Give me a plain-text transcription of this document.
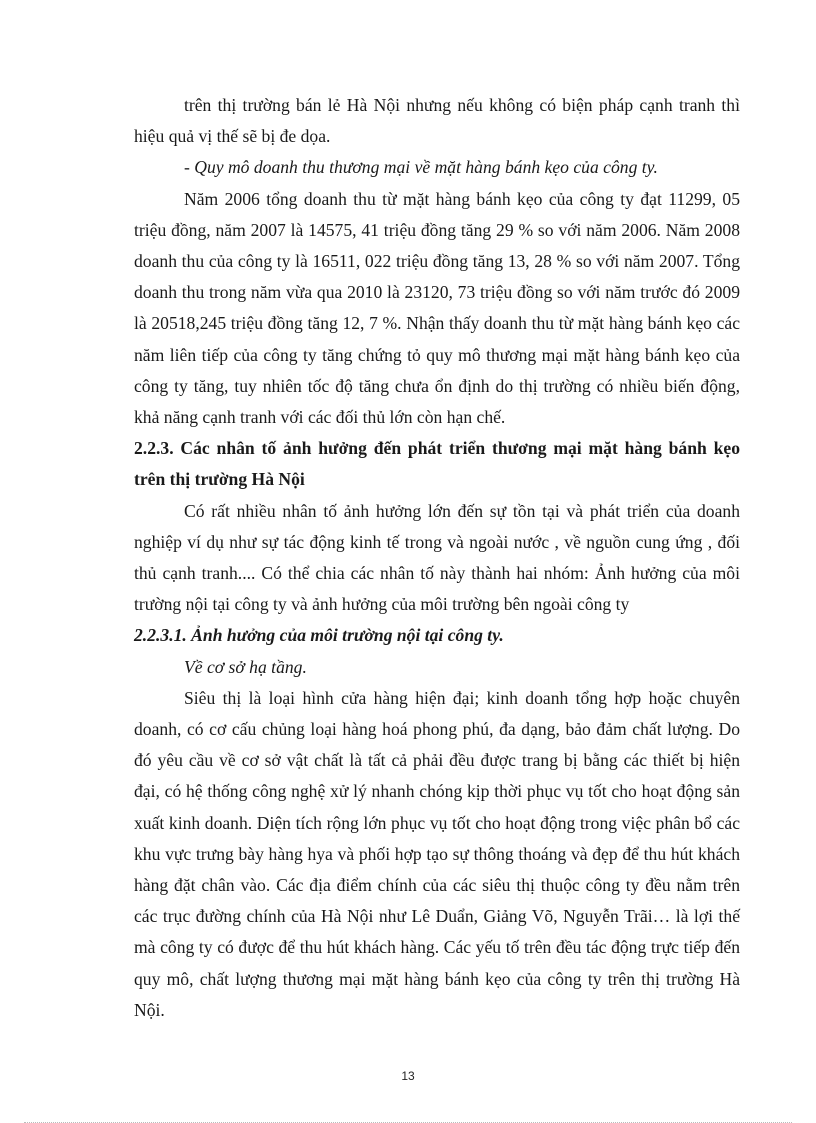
trên thị trường bán lẻ Hà Nội nhưng nếu không có biện pháp cạnh tranh thì hiệu quả vị thế sẽ bị đe dọa.

- Quy mô doanh thu thương mại về mặt hàng bánh kẹo của công ty.

Năm 2006 tổng doanh thu từ mặt hàng bánh kẹo của công ty đạt 11299, 05 triệu đồng, năm 2007 là 14575, 41 triệu đồng tăng 29 % so với năm 2006. Năm 2008 doanh thu của công ty là 16511, 022 triệu đồng tăng 13, 28 % so với năm 2007. Tổng doanh thu trong năm vừa qua 2010 là 23120, 73 triệu đồng so với năm trước đó 2009 là 20518,245 triệu đồng tăng 12, 7 %. Nhận thấy doanh thu từ mặt hàng bánh kẹo các năm liên tiếp của công ty tăng chứng tỏ quy mô thương mại mặt hàng bánh kẹo của công ty tăng, tuy nhiên tốc độ tăng chưa ổn định do thị trường có nhiều biến động, khả năng cạnh tranh với các đối thủ lớn còn hạn chế.

2.2.3. Các nhân tố ảnh hưởng đến phát triển thương mại mặt hàng bánh kẹo trên thị trường Hà Nội

Có rất nhiều nhân tố ảnh hưởng lớn đến sự tồn tại và phát triển của doanh nghiệp ví dụ như sự tác động kinh tế trong và ngoài nước , về nguồn cung ứng , đối thủ cạnh tranh.... Có thể chia các nhân tố này thành hai nhóm: Ảnh hưởng của môi trường nội tại công ty và ảnh hưởng của môi trường bên ngoài công ty

2.2.3.1. Ảnh hưởng của môi trường nội tại công ty.

Về cơ sở hạ tầng.

Siêu thị là loại hình cửa hàng hiện đại; kinh doanh tổng hợp hoặc chuyên doanh, có cơ cấu chủng loại hàng hoá phong phú, đa dạng, bảo đảm chất lượng. Do đó yêu cầu về cơ sở vật chất là tất cả phải đều được trang bị bằng các thiết bị hiện đại, có hệ thống công nghệ xử lý nhanh chóng kịp thời phục vụ tốt cho hoạt động sản xuất kinh doanh. Diện tích rộng lớn phục vụ tốt cho hoạt động trong việc phân bổ các khu vực trưng bày hàng hya và phối hợp tạo sự thông thoáng và đẹp để thu hút khách hàng đặt chân vào. Các địa điểm chính của các siêu thị thuộc công ty đều nằm trên các trục đường chính của Hà Nội như Lê Duẩn, Giảng Võ, Nguyễn Trãi… là lợi thế mà công ty có được để thu hút khách hàng. Các yếu tố trên đều tác động trực tiếp đến quy mô, chất lượng thương mại mặt hàng bánh kẹo của công ty trên thị trường Hà Nội.

13
